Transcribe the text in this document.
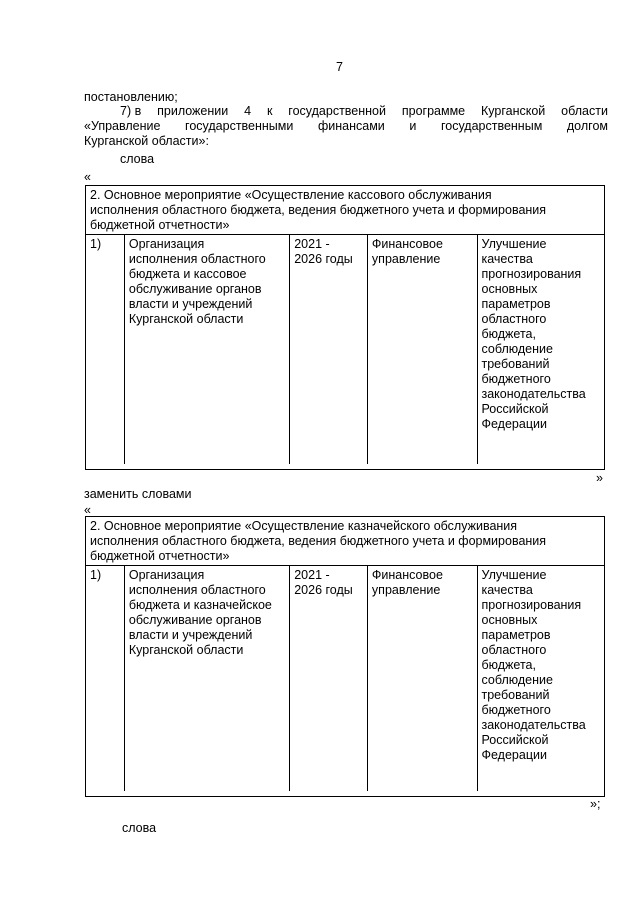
7
постановлению;
7) в приложении 4 к государственной программе Курганской области
«Управление государственными финансами и государственным долгом
Курганской области»:
слова
«
2. Основное мероприятие «Осуществление кассового обслуживания
исполнения областного бюджета, ведения бюджетного учета и формирования
бюджетной отчетности»
1)	Организация
исполнения областного
бюджета и кассовое
обслуживание органов
власти и учреждений
Курганской области
2021 -
2026 годы
Финансовое
управление
Улучшение
качества
прогнозирования
основных
параметров
областного
бюджета,
соблюдение
требований
бюджетного
законодательства
Российской
Федерации
»
заменить словами
«
2. Основное мероприятие «Осуществление казначейского обслуживания
исполнения областного бюджета, ведения бюджетного учета и формирования
бюджетной отчетности»
1)	Организация
исполнения областного
бюджета и казначейское
обслуживание органов
власти и учреждений
Курганской области
2021 -
2026 годы
Финансовое
управление
Улучшение
качества
прогнозирования
основных
параметров
областного
бюджета,
соблюдение
требований
бюджетного
законодательства
Российской
Федерации
»;
слова
